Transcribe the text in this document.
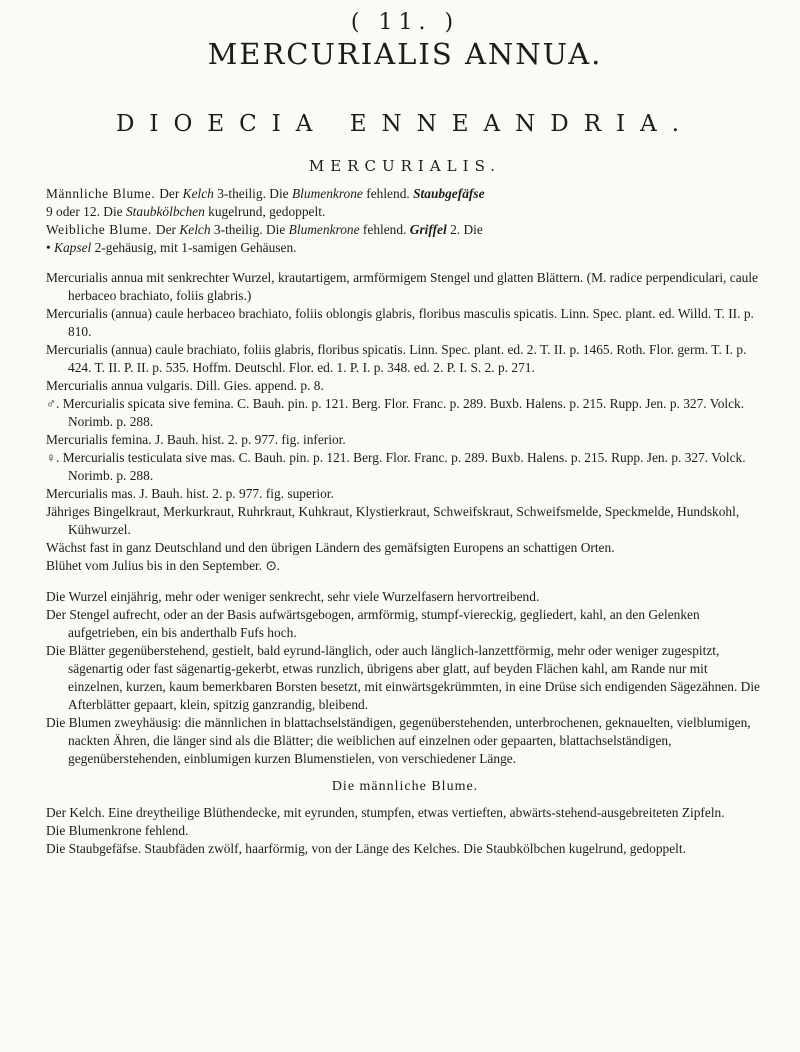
( 11. )
MERCURIALIS ANNUA.
DIOECIA ENNEANDRIA.
MERCURIALIS.

Männliche Blume. Der Kelch 3-theilig. Die Blumenkrone fehlend. Staubgefäfse

9 oder 12. Die Staubkölbchen kugelrund, gedoppelt.

Weibliche Blume. Der Kelch 3-theilig. Die Blumenkrone fehlend. Griffel 2. Die

• Kapsel 2-gehäusig, mit 1-samigen Gehäusen.

Mercurialis annua mit senkrechter Wurzel, krautartigem, armförmigem Stengel und glatten Blättern. (M. radice perpendiculari, caule herbaceo brachiato, foliis glabris.)

Mercurialis (annua) caule herbaceo brachiato, foliis oblongis glabris, floribus masculis spicatis. Linn. Spec. plant. ed. Willd. T. II. p. 810.

Mercurialis (annua) caule brachiato, foliis glabris, floribus spicatis. Linn. Spec. plant. ed. 2. T. II. p. 1465. Roth. Flor. germ. T. I. p. 424. T. II. P. II. p. 535. Hoffm. Deutschl. Flor. ed. 1. P. I. p. 348. ed. 2. P. I. S. 2. p. 271.

Mercurialis annua vulgaris. Dill. Gies. append. p. 8.

♂. Mercurialis spicata sive femina. C. Bauh. pin. p. 121. Berg. Flor. Franc. p. 289. Buxb. Halens. p. 215. Rupp. Jen. p. 327. Volck. Norimb. p. 288.

Mercurialis femina. J. Bauh. hist. 2. p. 977. fig. inferior.

♀. Mercurialis testiculata sive mas. C. Bauh. pin. p. 121. Berg. Flor. Franc. p. 289. Buxb. Halens. p. 215. Rupp. Jen. p. 327. Volck. Norimb. p. 288.

Mercurialis mas. J. Bauh. hist. 2. p. 977. fig. superior.

Jähriges Bingelkraut, Merkurkraut, Ruhrkraut, Kuhkraut, Klystierkraut, Schweifskraut, Schweifsmelde, Speckmelde, Hundskohl, Kühwurzel.

Wächst fast in ganz Deutschland und den übrigen Ländern des gemäfsigten Europens an schattigen Orten.

Blühet vom Julius bis in den September. ⊙.

Die Wurzel einjährig, mehr oder weniger senkrecht, sehr viele Wurzelfasern hervortreibend.

Der Stengel aufrecht, oder an der Basis aufwärtsgebogen, armförmig, stumpf-viereckig, gegliedert, kahl, an den Gelenken aufgetrieben, ein bis anderthalb Fufs hoch.

Die Blätter gegenüberstehend, gestielt, bald eyrund-länglich, oder auch länglich-lanzettförmig, mehr oder weniger zugespitzt, sägenartig oder fast sägenartig-gekerbt, etwas runzlich, übrigens aber glatt, auf beyden Flächen kahl, am Rande nur mit einzelnen, kurzen, kaum bemerkbaren Borsten besetzt, mit einwärtsgekrümmten, in eine Drüse sich endigenden Sägezähnen. Die Afterblätter gepaart, klein, spitzig ganzrandig, bleibend.

Die Blumen zweyhäusig: die männlichen in blattachselständigen, gegenüberstehenden, unterbrochenen, geknauelten, vielblumigen, nackten Ähren, die länger sind als die Blätter; die weiblichen auf einzelnen oder gepaarten, blattachselständigen, gegenüberstehenden, einblumigen kurzen Blumenstielen, von verschiedener Länge.

Die männliche Blume.

Der Kelch. Eine dreytheilige Blüthendecke, mit eyrunden, stumpfen, etwas vertieften, abwärts-stehend-ausgebreiteten Zipfeln.

Die Blumenkrone fehlend.

Die Staubgefäfse. Staubfäden zwölf, haarförmig, von der Länge des Kelches. Die Staubkölbchen kugelrund, gedoppelt.
